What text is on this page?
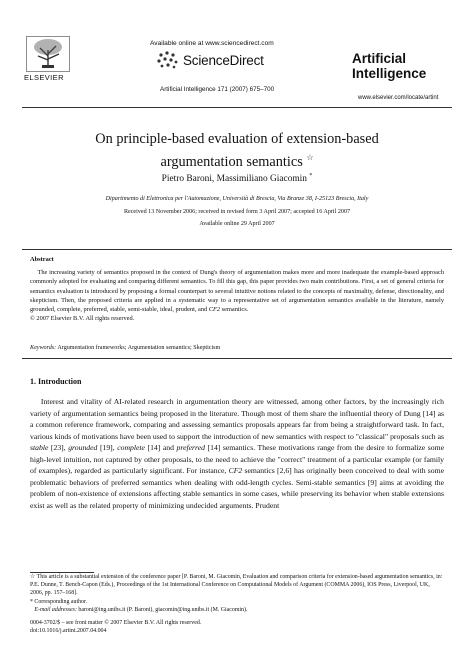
ELSEVIER
Available online at www.sciencedirect.com
ScienceDirect
Artificial Intelligence 171 (2007) 675–700
Artificial
Intelligence
www.elsevier.com/locate/artint
On principle-based evaluation of extension-based
argumentation semantics ☆
Pietro Baroni, Massimiliano Giacomin *
Dipartimento di Elettronica per l'Automazione, Università di Brescia, Via Branze 38, I-25123 Brescia, Italy
Received 13 November 2006; received in revised form 3 April 2007; accepted 16 April 2007
Available online 29 April 2007
Abstract
The increasing variety of semantics proposed in the context of Dung's theory of argumentation makes more and more inadequate the example-based approach commonly adopted for evaluating and comparing different semantics. To fill this gap, this paper provides two main contributions. First, a set of general criteria for semantics evaluation is introduced by proposing a formal counterpart to several intuitive notions related to the concepts of maximality, defense, directionality, and skepticism. Then, the proposed criteria are applied in a systematic way to a representative set of argumentation semantics available in the literature, namely grounded, complete, preferred, stable, semi-stable, ideal, prudent, and CF2 semantics.
© 2007 Elsevier B.V. All rights reserved.
Keywords: Argumentation frameworks; Argumentation semantics; Skepticism
1. Introduction
Interest and vitality of AI-related research in argumentation theory are witnessed, among other factors, by the increasingly rich variety of argumentation semantics being proposed in the literature. Though most of them share the influential theory of Dung [14] as a common reference framework, comparing and assessing semantics proposals appears far from being a straightforward task. In fact, various kinds of motivations have been used to support the introduction of new semantics with respect to "classical" proposals such as stable [23], grounded [19], complete [14] and preferred [14] semantics. These motivations range from the desire to formalize some high-level intuition, not captured by other proposals, to the need to achieve the "correct" treatment of a particular example (or family of examples), regarded as particularly significant. For instance, CF2 semantics [2,6] has originally been conceived to deal with some problematic behaviors of preferred semantics when dealing with odd-length cycles. Semi-stable semantics [9] aims at avoiding the problem of non-existence of extensions affecting stable semantics in some cases, while preserving its behavior when stable extensions exist as well as the related property of minimizing undecided arguments. Prudent
☆ This article is a substantial extension of the conference paper [P. Baroni, M. Giacomin, Evaluation and comparison criteria for extension-based argumentation semantics, in: P.E. Dunne, T. Bench-Capon (Eds.), Proceedings of the 1st International Conference on Computational Models of Argument (COMMA 2006), IOS Press, Liverpool, UK, 2006, pp. 157–168].
* Corresponding author.
E-mail addresses: baroni@ing.unibs.it (P. Baroni), giacomin@ing.unibs.it (M. Giacomin).
0004-3702/$ – see front matter © 2007 Elsevier B.V. All rights reserved.
doi:10.1016/j.artint.2007.04.004
